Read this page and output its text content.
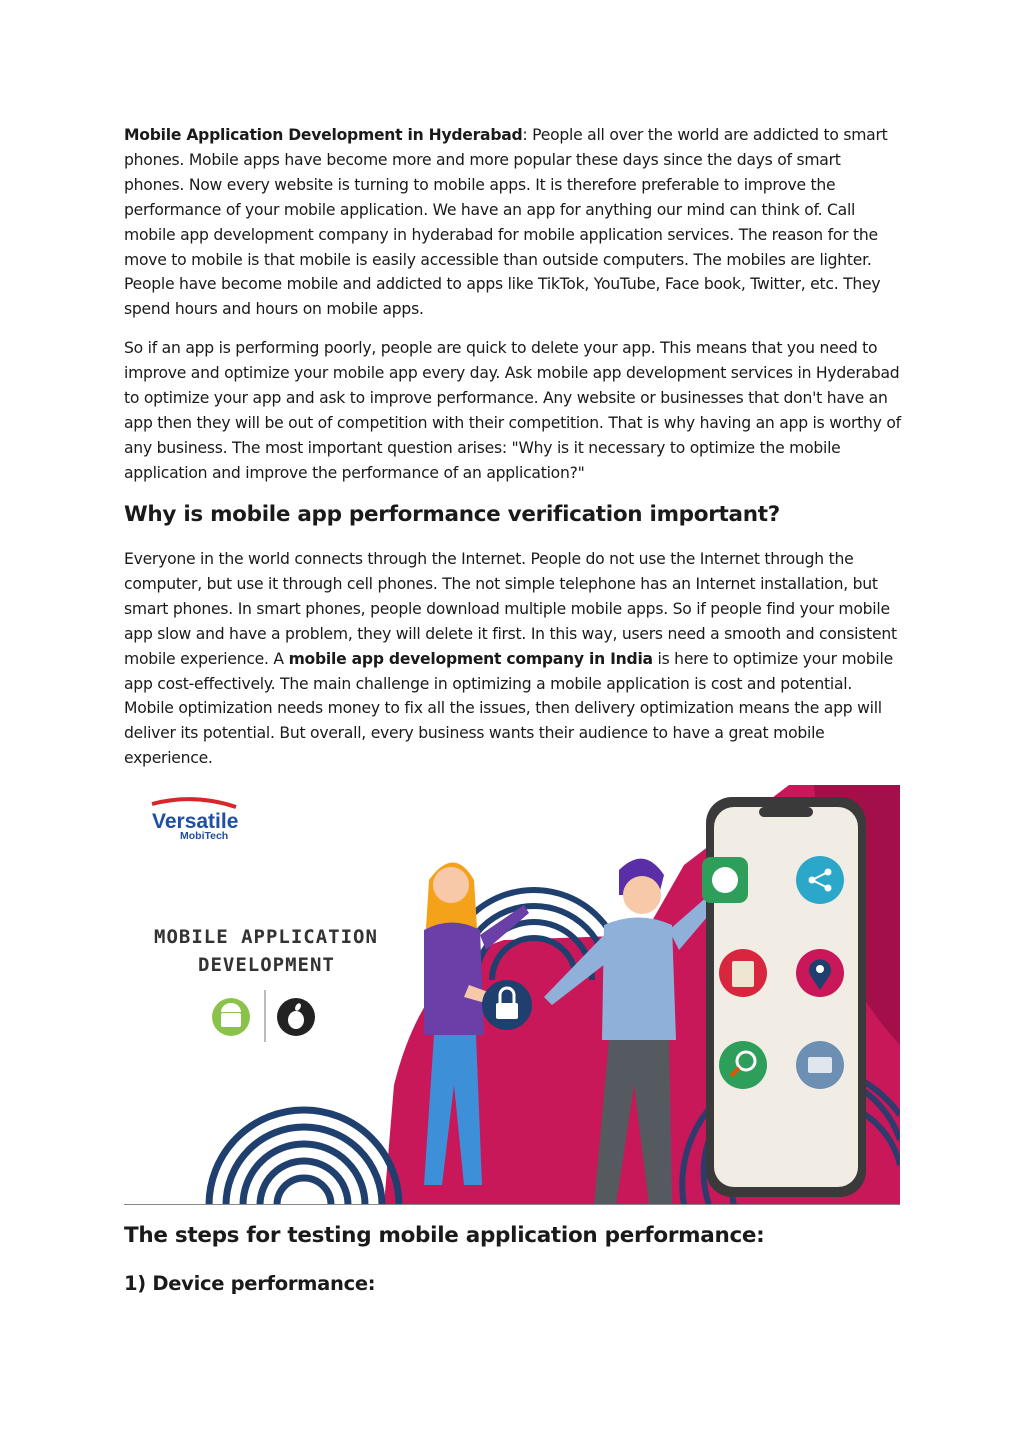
Mobile Application Development in Hyderabad: People all over the world are addicted to smart phones. Mobile apps have become more and more popular these days since the days of smart phones. Now every website is turning to mobile apps. It is therefore preferable to improve the performance of your mobile application. We have an app for anything our mind can think of. Call mobile app development company in hyderabad for mobile application services. The reason for the move to mobile is that mobile is easily accessible than outside computers. The mobiles are lighter. People have become mobile and addicted to apps like TikTok, YouTube, Face book, Twitter, etc. They spend hours and hours on mobile apps.

So if an app is performing poorly, people are quick to delete your app. This means that you need to improve and optimize your mobile app every day. Ask mobile app development services in Hyderabad to optimize your app and ask to improve performance. Any website or businesses that don't have an app then they will be out of competition with their competition. That is why having an app is worthy of any business. The most important question arises: "Why is it necessary to optimize the mobile application and improve the performance of an application?"

Why is mobile app performance verification important?

Everyone in the world connects through the Internet. People do not use the Internet through the computer, but use it through cell phones. The not simple telephone has an Internet installation, but smart phones. In smart phones, people download multiple mobile apps. So if people find your mobile app slow and have a problem, they will delete it first. In this way, users need a smooth and consistent mobile experience. A mobile app development company in India is here to optimize your mobile app cost-effectively. The main challenge in optimizing a mobile application is cost and potential. Mobile optimization needs money to fix all the issues, then delivery optimization means the app will deliver its potential. But overall, every business wants their audience to have a great mobile experience.

Versatile
MobiTech
MOBILE APPLICATION
DEVELOPMENT
The steps for testing mobile application performance:
1) Device performance:
